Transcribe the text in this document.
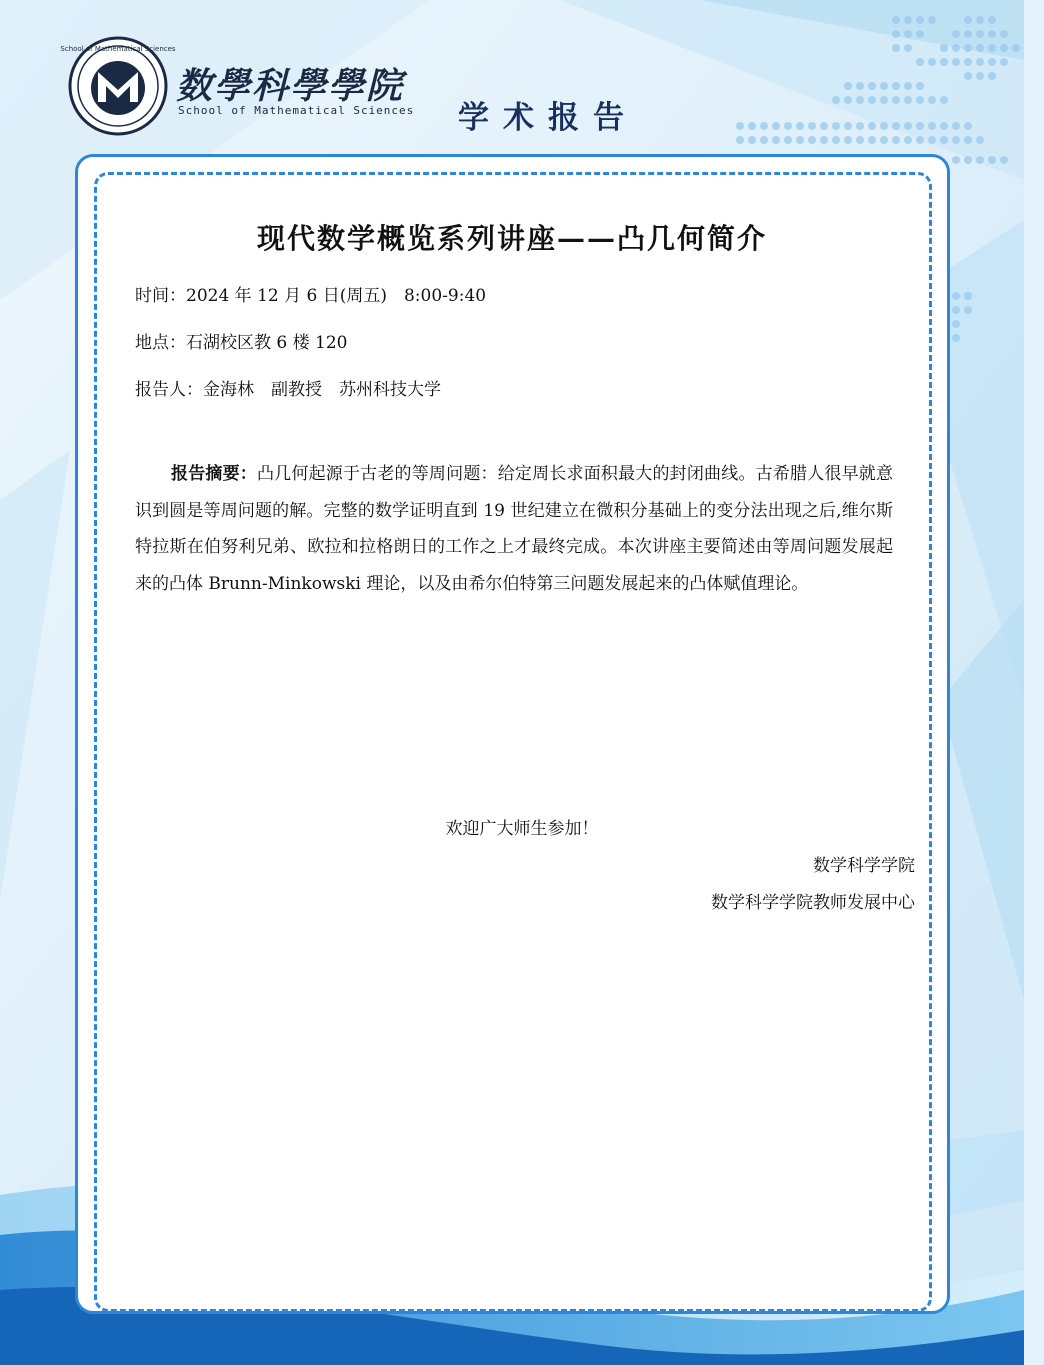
School of Mathematical Sciences
数學科學學院
School of Mathematical Sciences 学术报告
现代数学概览系列讲座——凸几何简介
时间：2024 年 12 月 6 日(周五)　8:00-9:40
地点：石湖校区教 6 楼 120
报告人：金海林　副教授　苏州科技大学
报告摘要：凸几何起源于古老的等周问题：给定周长求面积最大的封闭曲线。古希腊人很早就意识到圆是等周问题的解。完整的数学证明直到 19 世纪建立在微积分基础上的变分法出现之后,维尔斯特拉斯在伯努利兄弟、欧拉和拉格朗日的工作之上才最终完成。本次讲座主要简述由等周问题发展起来的凸体 Brunn-Minkowski 理论，以及由希尔伯特第三问题发展起来的凸体赋值理论。
欢迎广大师生参加！
数学科学学院
数学科学学院教师发展中心
